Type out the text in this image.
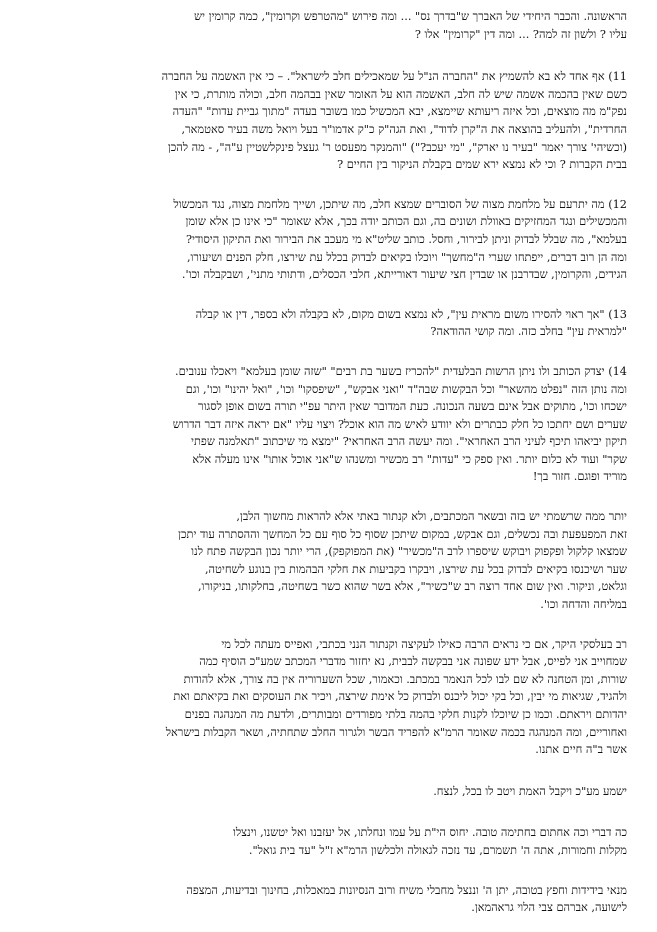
הראשונה. והכבר היחידי של האברך ש"בדרך נס" ... ומה פירוש "מהטרפש וקרומין", כמה קרומין יש
עליו ? ולשון זה למה? ... ומה דין "קרומין" אלו ?

11) אף אחד לא בא להשמיץ את "החברה הנ"ל על שמאכילים חלב לישראל". – כי אין האשמה על החברה
כשם שאין בהכמה אשמה שיש לה חלב, האשמה הוא על האומר שאין בבהמה חלב, וכולה מותרת, כי אין
נפק"מ מה מוצאים, וכל איזה ריעותא שיימצא, יבא המכשיל כמו בשובר בעדה "מתוך גביית עדות" "העדה
החרדית", ולהעליב בהוצאה את ה"קרן לדוד", ואת הגה"ק כ"ק אדמו"ר בעל ויואל משה בעיר סאטמאר,
(וכשיהי' צורך יאמר "בעיר נו יארק", "מי יעכב?") "והמנקר מפעסט ר' געצל פינקלשטיין ע"ה", - מה להכן
בבית הקברות ? וכי לא נמצא ירא שמים בקבלת הניקור בין החיים ?

12) מה יתרעם על מלחמת מצוה של הסוברים שמצא חלב, מה שיתכן, ושייך מלחמת מצוה, נגד המכשול
והמכשילים ונגד המחזיקים באוולת ושונים בה, וגם הכותב יודה בכך, אלא שאומר "כי אינו כן אלא שומן
בעלמא", מה שבלל לבדוק וניתן לבירור, וחסל. כותב שליט"א מי מעכב את הבירור ואת התיקון היסודי?
ומה הן רוב דברים, ייפתחו שערי ה"מחשך" ויוכלו בקיאים לבדוק בכלל עת שירצו, חלק הפנים ושיעורו,
הגידים, והקרומין, שבדרבנן או שבדין חצי שיעור דאורייתא, חלבי הכסלים, ודתותי מתני', ושבקבלה וכו'.

13) "אך ראוי להסירו משום מראית עין", לא נמצא בשום מקום, לא בקבלה ולא בספר, דין או קבלה
"למראית עין" בחלב כזה. ומה קושי ההודאה?

14) יצדק הכותב ולו ניתן הרשות הבלעדית "להכריז בשער בת רבים" "שזה שומן בעלמא" ויאכלו ענובים.
ומה נותן הזה "נפלט מהשאר" וכל הבקשות שבה"ד "ואני אבקש", "שיפסקו" וכו', "ואל יהינו" וכו', וגם
ישכחו וכו', מתוקים אבל אינם בשעה הנכונה. כעת המדובר שאין היתר עפ"י תורה בשום אופן לסגור
שערים ושם יחתכו כל חלק כבתרים ולא יוודע לאיש מה הוא אוכל? ויצוי עליו "אם יראה איזה דבר הדרוש
תיקון יביאהו תיכף לעיני הרב האחראי". ומה יעשה הרב האחראי? "ימצא מי שיכתוב "תאלמנה שפתי
שקר" ועוד לא כלום יותר. ואין ספק כי "עדות" רב מכשיר ומשנהו ש"אני אוכל אותו" אינו מעלה אלא
מוריד ופוגם. חזור בך!

יותר ממה שרשמתי יש בזה ובשאר המכתבים, ולא קנתור באתי אלא להראות מחשוך הלבן,
זאת המפעפעת ובה נכשלים, וגם אבקש, במקום שיתכן שסוף כל סוף עם כל המחשך וההסתרה עוד יתכן
שמצאו קלקול ופקפוק ויבוקש שיספרו לרב ה"מכשיר" (את המפוקפק), הרי יותר נכון הבקשה פתח לנו
שער ושיכנסו בקיאים לבדוק בכל עת שירצו, ויבקרו בקביעות את חלקי הבהמות בין בנוגע לשחיטה,
וגלאט, וניקור. ואין שום אחד רוצה רב ש"כשיר", אלא בשר שהוא כשר בשחיטה, בחלקותו, בניקורו,
במליחה והדחה וכו'.

רב בעלסקי היקר, אם כי נראים הרבה כאילו לעקיצה וקנתור הנני בכתבי, ואפייס מעתה לכל מי
שמחוייב אני לפייס, אבל ידע שפונה אני בבקשה לבבית, נא יחזור מדברי המכתב שמע"כ הוסיף כמה
שורות, ומן הטחנה לא שם לבו לכל הנאמר במכתב. וכאמור, שכל השערוריה אין בה צורך, אלא להודות
ולהגיד, שגיאות מי יבין, וכל בקי יכול ליכנס ולבדוק כל אימת שירצה, ויכיר את העוסקים ואת בקיאתם ואת
יהדותם ויראתם. וכמו כן שיוכלו לקנות חלקי בהמה בלתי מפורדים ומבותרים, ולדעת מה המנהגה בפנים
ואחוריים, ומה המנהגה בכמה שאומר הרמ"א להפריד הבשר ולגרור החלב שתחתיה, ושאר הקבלות בישראל
אשר ב"ה חיים אתנו.

ישמע מע"כ ויקבל האמת ויטב לו בכל, לנצח.

כה דברי וכה אחתום בחתימה טובה. יחוס הי"ת על עמו ונחלתו, אל יעזבנו ואל יטשנו, וינצלו
מקלות וחמורות, אתה ה' תשמרם, עד נזכה לגאולה ולכלשון הרמ"א ז"ל "עד בית גואל".

מנאי בידידות וחפץ בטובה, יתן ה' וננצל מחבלי משיח ורוב הנסיונות במאכלות, בחינוך ובדיעות, המצפה
לישועה, אברהם צבי הלוי גראהמאן.
